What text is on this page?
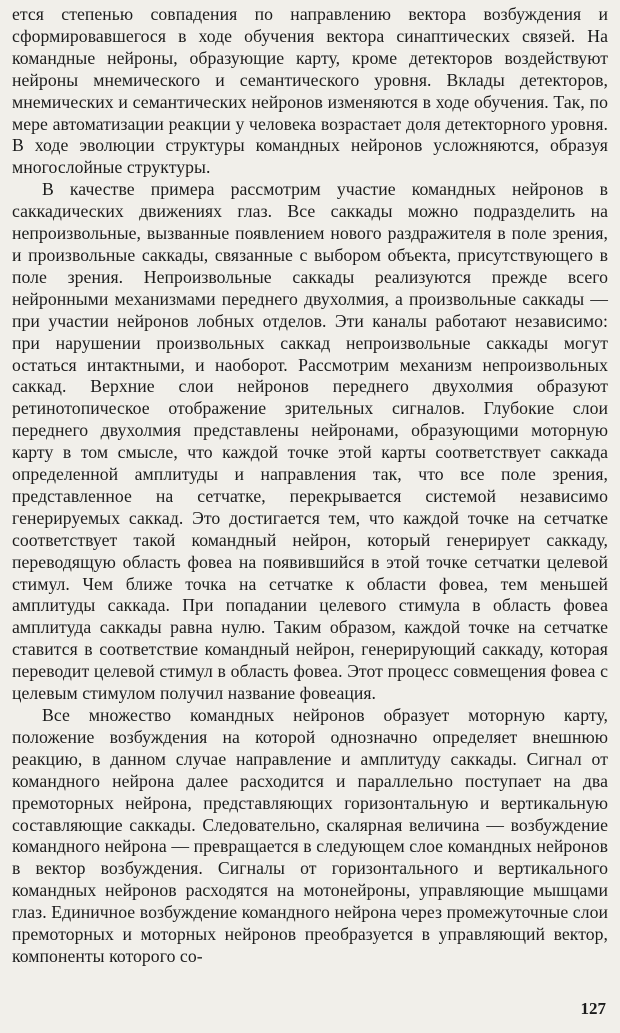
ется степенью совпадения по направлению вектора возбуждения и сформировавшегося в ходе обучения вектора синаптических связей. На командные нейроны, образующие карту, кроме детекторов воздействуют нейроны мнемического и семантического уровня. Вклады детекторов, мнемических и семантических нейронов изменяются в ходе обучения. Так, по мере автоматизации реакции у человека возрастает доля детекторного уровня. В ходе эволюции структуры командных нейронов усложняются, образуя многослойные структуры.

В качестве примера рассмотрим участие командных нейронов в саккадических движениях глаз. Все саккады можно подразделить на непроизвольные, вызванные появлением нового раздражителя в поле зрения, и произвольные саккады, связанные с выбором объекта, присутствующего в поле зрения. Непроизвольные саккады реализуются прежде всего нейронными механизмами переднего двухолмия, а произвольные саккады — при участии нейронов лобных отделов. Эти каналы работают независимо: при нарушении произвольных саккад непроизвольные саккады могут остаться интактными, и наоборот. Рассмотрим механизм непроизвольных саккад. Верхние слои нейронов переднего двухолмия образуют ретинотопическое отображение зрительных сигналов. Глубокие слои переднего двухолмия представлены нейронами, образующими моторную карту в том смысле, что каждой точке этой карты соответствует саккада определенной амплитуды и направления так, что все поле зрения, представленное на сетчатке, перекрывается системой независимо генерируемых саккад. Это достигается тем, что каждой точке на сетчатке соответствует такой командный нейрон, который генерирует саккаду, переводящую область фовеа на появившийся в этой точке сетчатки целевой стимул. Чем ближе точка на сетчатке к области фовеа, тем меньшей амплитуды саккада. При попадании целевого стимула в область фовеа амплитуда саккады равна нулю. Таким образом, каждой точке на сетчатке ставится в соответствие командный нейрон, генерирующий саккаду, которая переводит целевой стимул в область фовеа. Этот процесс совмещения фовеа с целевым стимулом получил название фовеация.

Все множество командных нейронов образует моторную карту, положение возбуждения на которой однозначно определяет внешнюю реакцию, в данном случае направление и амплитуду саккады. Сигнал от командного нейрона далее расходится и параллельно поступает на два премоторных нейрона, представляющих горизонтальную и вертикальную составляющие саккады. Следовательно, скалярная величина — возбуждение командного нейрона — превращается в следующем слое командных нейронов в вектор возбуждения. Сигналы от горизонтального и вертикального командных нейронов расходятся на мотонейроны, управляющие мышцами глаз. Единичное возбуждение командного нейрона через промежуточные слои премоторных и моторных нейронов преобразуется в управляющий вектор, компоненты которого со-

127
